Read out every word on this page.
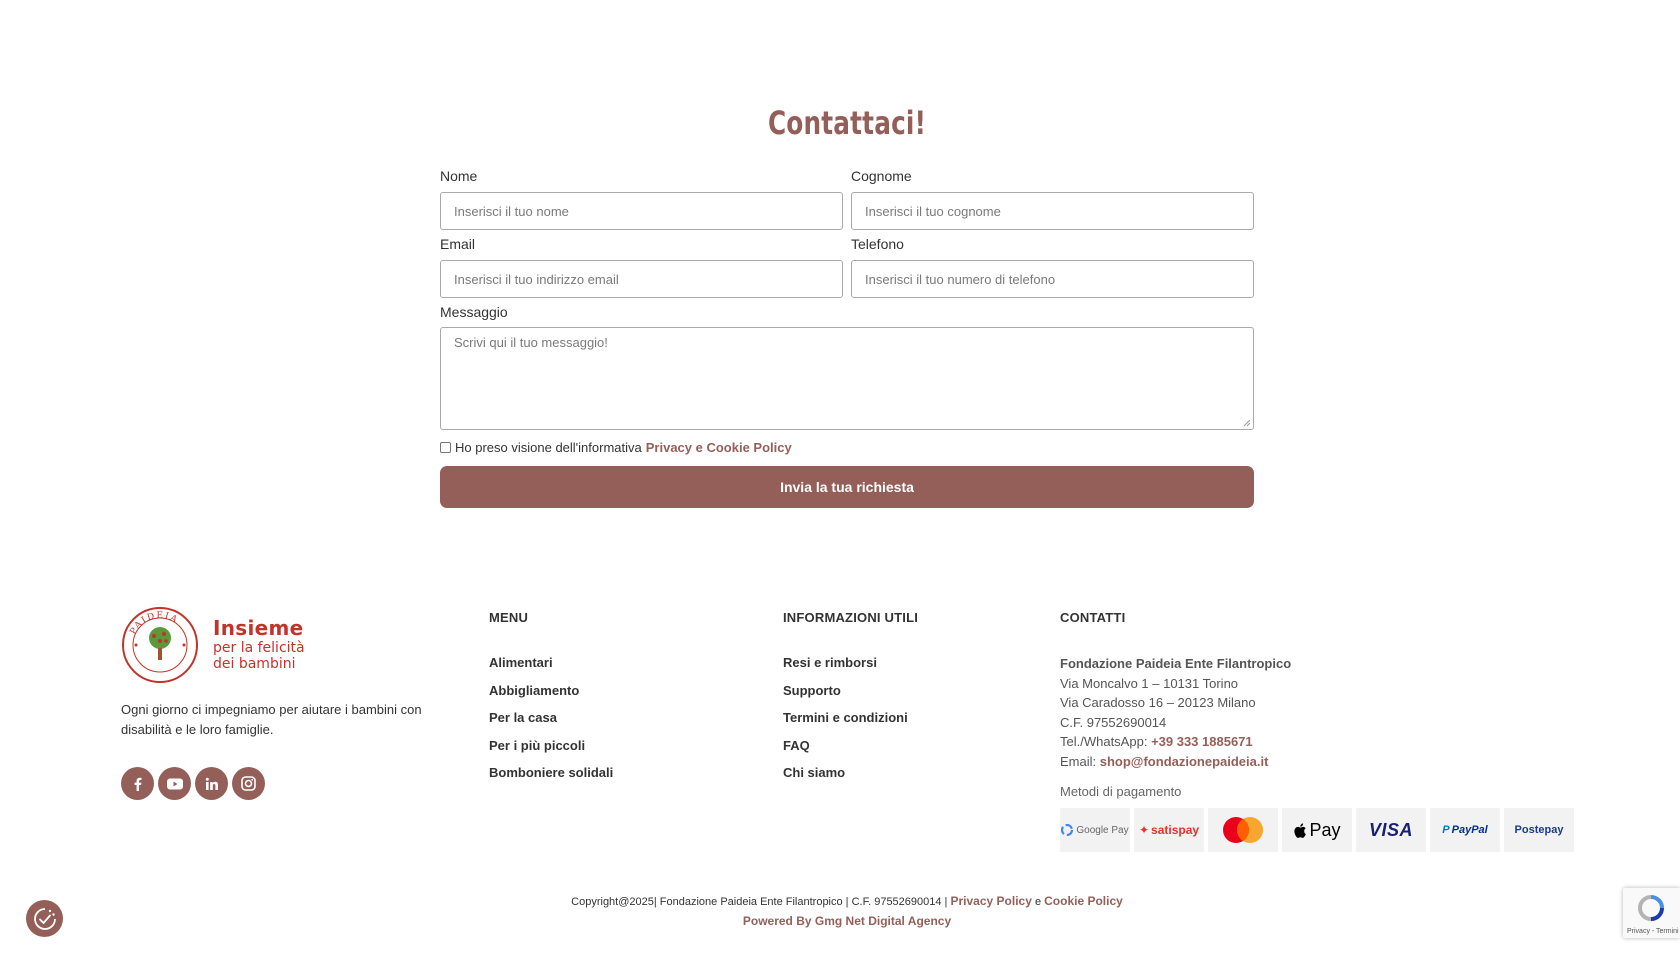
Contattaci!
Nome
Inserisci il tuo nome
Cognome
Inserisci il tuo cognome
Email
Inserisci il tuo indirizzo email
Telefono
Inserisci il tuo numero di telefono
Messaggio
Scrivi qui il tuo messaggio!
Ho preso visione dell'informativa Privacy e Cookie Policy
Invia la tua richiesta
PAIDEIA Insieme
per la felicità
dei bambini
Ogni giorno ci impegniamo per aiutare i bambini con disabilità e le loro famiglie.
MENU
Alimentari
Abbigliamento
Per la casa
Per i più piccoli
Bomboniere solidali
INFORMAZIONI UTILI
Resi e rimborsi
Supporto
Termini e condizioni
FAQ
Chi siamo
CONTATTI
Fondazione Paideia Ente Filantropico
Via Moncalvo 1 – 10131 Torino
Via Caradosso 16 – 20123 Milano
C.F. 97552690014
Tel./WhatsApp: +39 333 1885671
Email: shop@fondazionepaideia.it
Metodi di pagamento
Google Pay ✦ satispay	Pay	VISA	P PayPal	Postepay
Copyright@2025| Fondazione Paideia Ente Filantropico | C.F. 97552690014 | Privacy Policy e Cookie Policy
Powered By Gmg Net Digital Agency
Privacy - Termini
